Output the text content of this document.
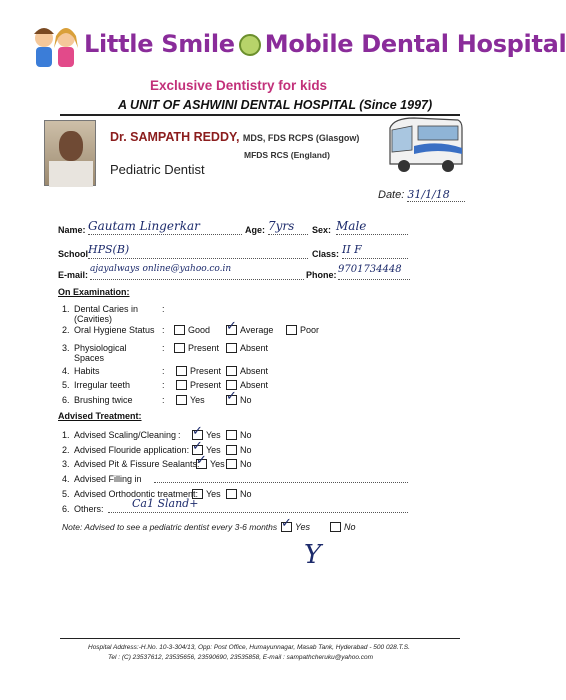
Little Smile Mobile Dental Hospital
Exclusive Dentistry for kids
A UNIT OF ASHWINI DENTAL HOSPITAL (Since 1997)
Dr. SAMPATH REDDY, MDS, FDS RCPS (Glasgow)
MFDS RCS (England)
Pediatric Dentist
Date: 31/1/18
Name: Gautam Lingerkar	Age: 7yrs	Sex: Male
School HPS(B)	Class: II F
E-mail:
ajayalways online@yahoo.co.in
Phone: 9701734448
On Examination:
1. Dental Caries in
(Cavities)
:
2. Oral Hygiene Status :	Good ✓ Average	Poor
3. Physiological
Spaces
:	Present Absent
4. Habits	:	Present Absent
5. Irregular teeth	:	Present Absent
6. Brushing twice	:	Yes ✓ No
Advised Treatment:
1. Advised Scaling/Cleaning : ✓ Yes No
2. Advised Flouride application: ✓ Yes No
3. Advised Pit & Fissure Sealants:
✓ Yes No
4. Advised Filling in
5. Advised Orthodontic treatment: Yes No
6. Others:	Ca1 Sland+
Note: Advised to see a pediatric dentist every 3-6 months ✓ Yes	No
Y
Hospital Address:-H.No. 10-3-304/13, Opp: Post Office, Humayunnagar, Masab Tank, Hyderabad - 500 028.T.S.
Tel : (C) 23537612, 23535656, 23590690, 23535858, E-mail : sampathcheruku@yahoo.com
